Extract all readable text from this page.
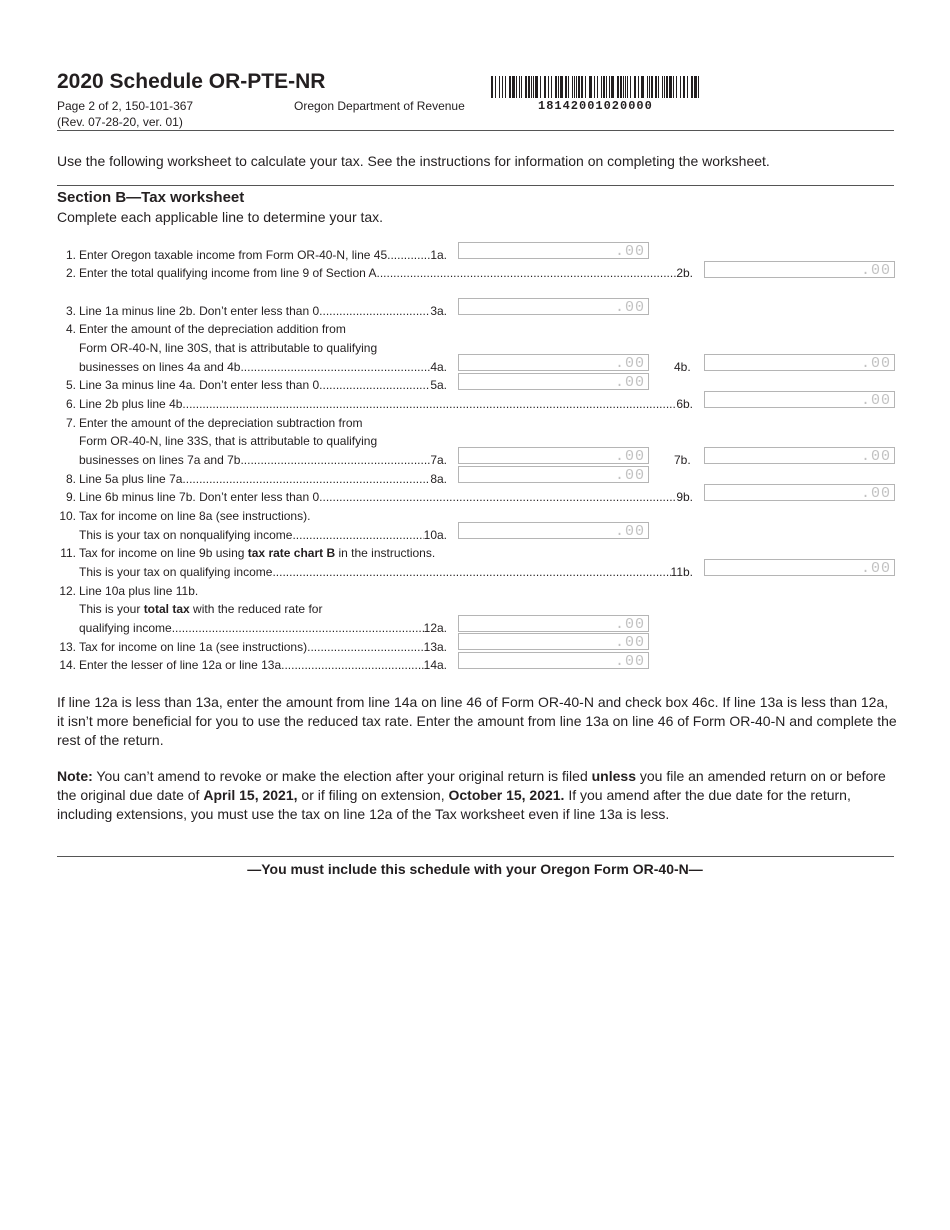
2020 Schedule OR-PTE-NR
Page 2 of 2, 150-101-367
(Rev. 07-28-20, ver. 01)
Oregon Department of Revenue	18142001020000
Use the following worksheet to calculate your tax. See the instructions for information on completing the worksheet.
Section B—Tax worksheet
Complete each applicable line to determine your tax.
1. Enter Oregon taxable income from Form OR-40-N, line 45 .....	1a.	.00
2. Enter the total qualifying income from line 9 of Section A .....	2b.	.00
3. Line 1a minus line 2b. Don’t enter less than 0 .....	3a.	.00
4. Enter the amount of the depreciation addition from
Form OR-40-N, line 30S, that is attributable to qualifying
businesses on lines 4a and 4b .....	4a.	.00	4b.	.00
5. Line 3a minus line 4a. Don’t enter less than 0 .....	5a.	.00
6. Line 2b plus line 4b .....	6b.	.00
7. Enter the amount of the depreciation subtraction from
Form OR-40-N, line 33S, that is attributable to qualifying
businesses on lines 7a and 7b .....	7a.	.00	7b.	.00
8. Line 5a plus line 7a .....	8a.	.00
9. Line 6b minus line 7b. Don’t enter less than 0 .....	9b.	.00
10. Tax for income on line 8a (see instructions).
This is your tax on nonqualifying income. .....	10a.	.00
11. Tax for income on line 9b using tax rate chart B in the instructions.
This is your tax on qualifying income .....	11b.	.00
12. Line 10a plus line 11b.
This is your total tax with the reduced rate for
qualifying income .....	12a.	.00
13. Tax for income on line 1a (see instructions) .....	13a.	.00
14. Enter the lesser of line 12a or line 13a .....	14a.	.00
If line 12a is less than 13a, enter the amount from line 14a on line 46 of Form OR-40-N and check box 46c. If line 13a is less than 12a, it isn’t more beneficial for you to use the reduced tax rate. Enter the amount from line 13a on line 46 of Form OR-40-N and complete the rest of the return.
Note: You can’t amend to revoke or make the election after your original return is filed unless you file an amended return on or before the original due date of April 15, 2021, or if filing on extension, October 15, 2021. If you amend after the due date for the return, including extensions, you must use the tax on line 12a of the Tax worksheet even if line 13a is less.
—You must include this schedule with your Oregon Form OR-40-N—
